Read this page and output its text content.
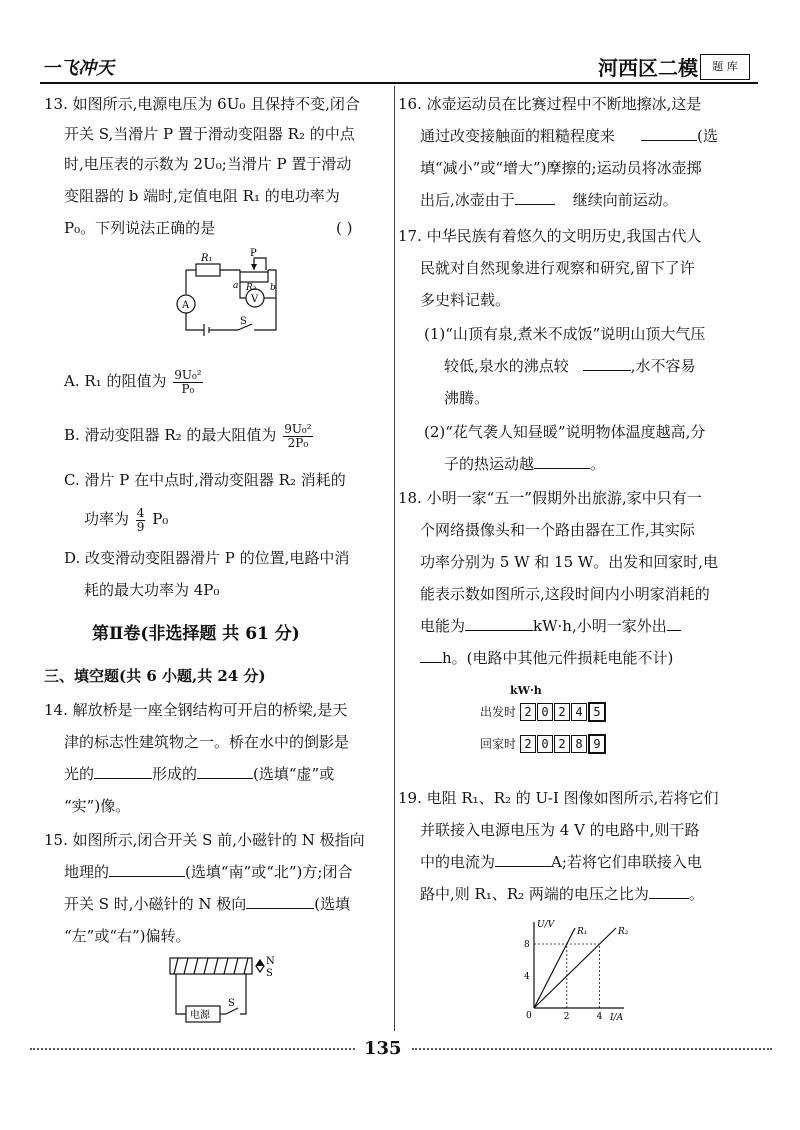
一飞冲天	河西区二模	题 库
13. 如图所示,电源电压为 6U₀ 且保持不变,闭合
开关 S,当滑片 P 置于滑动变阻器 R₂ 的中点
时,电压表的示数为 2U₀;当滑片 P 置于滑动
变阻器的 b 端时,定值电阻 R₁ 的电功率为
P₀。下列说法正确的是	( )
R₁	P
a R₂ b
A
V
S
A. R₁ 的阻值为 $\frac{\text{9U₀²}}{\text{P₀}}$
B. 滑动变阻器 R₂ 的最大阻值为 $\frac{\text{9U₀²}}{\text{2P₀}}$
C. 滑片 P 在中点时,滑动变阻器 R₂ 消耗的
功率为 $\frac{4}{9} P_0$
D. 改变滑动变阻器滑片 P 的位置,电路中消
耗的最大功率为 4P₀
第Ⅱ卷(非选择题 共 61 分)
三、填空题(共 6 小题,共 24 分)
14. 解放桥是一座全钢结构可开启的桥梁,是天
津的标志性建筑物之一。桥在水中的倒影是
光的	形成的	(选填“虚”或
“实”)像。
15. 如图所示,闭合开关 S 前,小磁针的 N 极指向
地理的	(选填“南”或“北”)方;闭合
开关 S 时,小磁针的 N 极向	(选填
“左”或“右”)偏转。
N
S
电源
S
16. 冰壶运动员在比赛过程中不断地擦冰,这是
通过改变接触面的粗糙程度来	(选
填“减小”或“增大”)摩擦的;运动员将冰壶掷
出后,冰壶由于	继续向前运动。
17. 中华民族有着悠久的文明历史,我国古代人
民就对自然现象进行观察和研究,留下了许
多史料记载。
(1)“山顶有泉,煮米不成饭”说明山顶大气压
较低,泉水的沸点较	,水不容易
沸腾。
(2)“花气袭人知昼暖”说明物体温度越高,分
子的热运动越	。
18. 小明一家“五一”假期外出旅游,家中只有一
个网络摄像头和一个路由器在工作,其实际
功率分别为 5 W 和 15 W。出发和回家时,电
能表示数如图所示,这段时间内小明家消耗的
电能为	kW·h,小明一家外出
h。(电路中其他元件损耗电能不计)
kW·h
出发时 2 0 2 4 5
回家时 2 0 2 8 9
19. 电阻 R₁、R₂ 的 U-I 图像如图所示,若将它们
并联接入电源电压为 4 V 的电路中,则干路
中的电流为	A;若将它们串联接入电
路中,则 R₁、R₂ 两端的电压之比为	。
U/V
I/A
0	2	4
4
8
R₁	R₂
135
